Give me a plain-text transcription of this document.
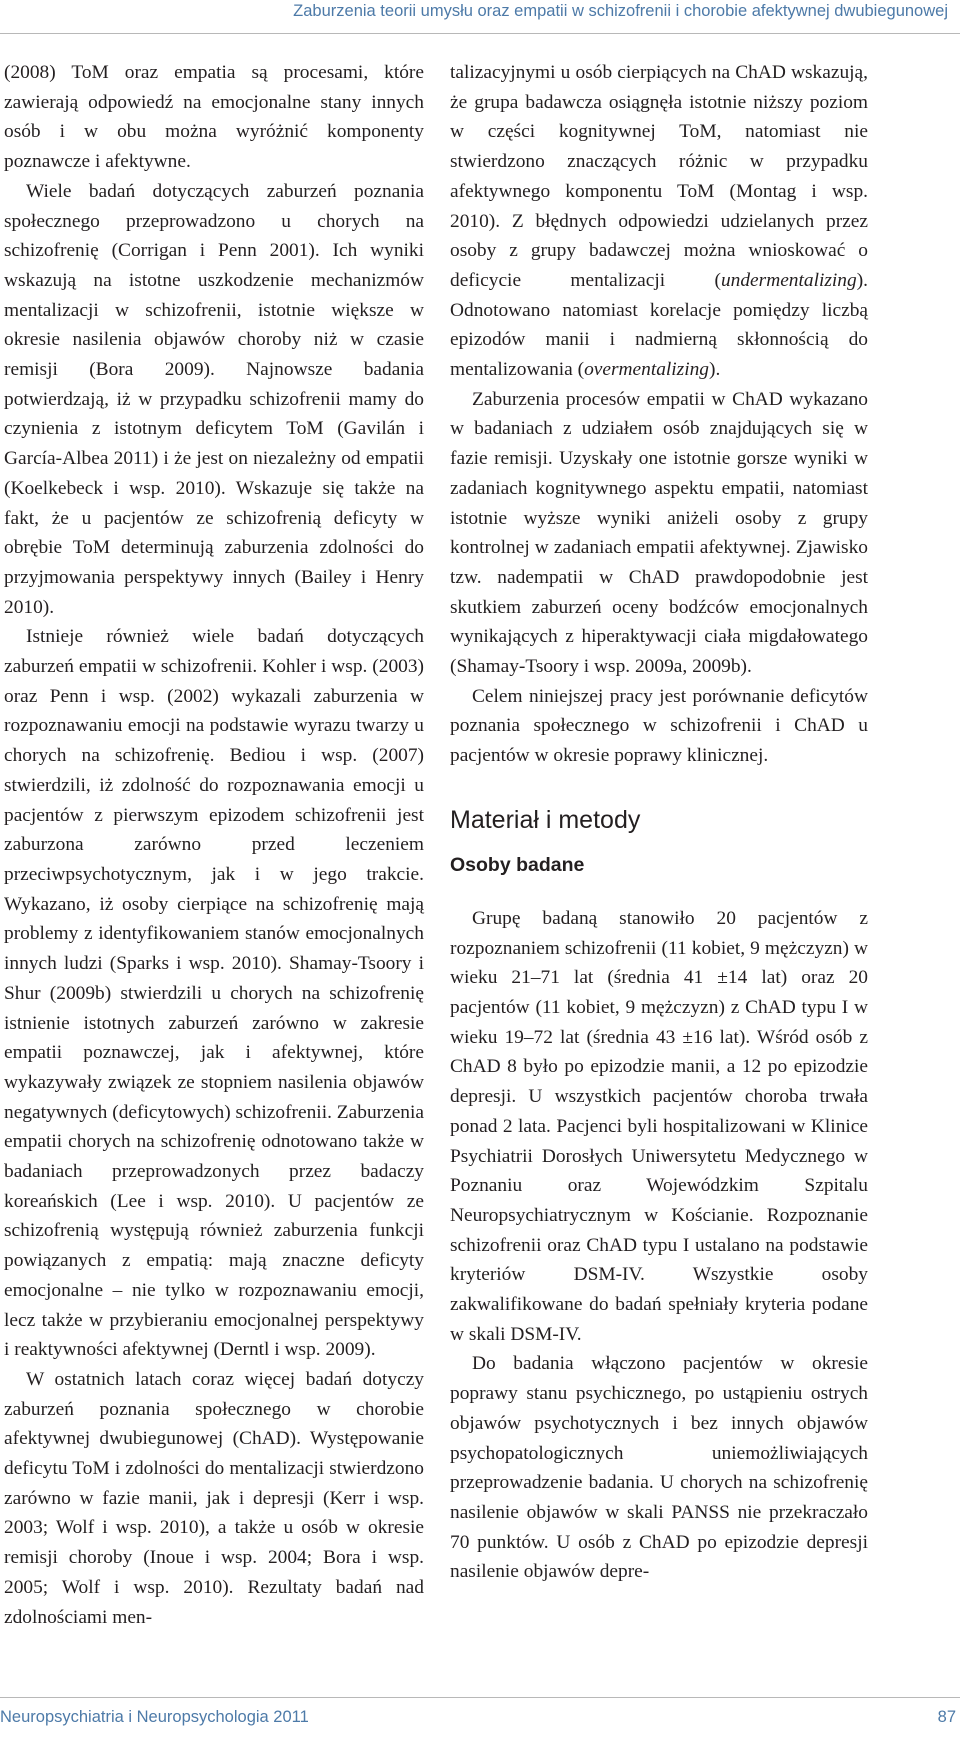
Zaburzenia teorii umysłu oraz empatii w schizofrenii i chorobie afektywnej dwubiegunowej

(2008) ToM oraz empatia są procesami, które zawierają odpowiedź na emocjonalne stany innych osób i w obu można wyróżnić komponenty poznawcze i afektywne.

Wiele badań dotyczących zaburzeń poznania społecznego przeprowadzono u chorych na schizofrenię (Corrigan i Penn 2001). Ich wyniki wskazują na istotne uszkodzenie mechanizmów mentalizacji w schizofrenii, istotnie większe w okresie nasilenia objawów choroby niż w czasie remisji (Bora 2009). Najnowsze badania potwierdzają, iż w przypadku schizofrenii mamy do czynienia z istotnym deficytem ToM (Gavilán i García-Albea 2011) i że jest on niezależny od empatii (Koelkebeck i wsp. 2010). Wskazuje się także na fakt, że u pacjentów ze schizofrenią deficyty w obrębie ToM determinują zaburzenia zdolności do przyjmowania perspektywy innych (Bailey i Henry 2010).

Istnieje również wiele badań dotyczących zaburzeń empatii w schizofrenii. Kohler i wsp. (2003) oraz Penn i wsp. (2002) wykazali zaburzenia w rozpoznawaniu emocji na podstawie wyrazu twarzy u chorych na schizofrenię. Bediou i wsp. (2007) stwierdzili, iż zdolność do rozpoznawania emocji u pacjentów z pierwszym epizodem schizofrenii jest zaburzona zarówno przed leczeniem przeciwpsychotycznym, jak i w jego trakcie. Wykazano, iż osoby cierpiące na schizofrenię mają problemy z identyfikowaniem stanów emocjonalnych innych ludzi (Sparks i wsp. 2010). Shamay-Tsoory i Shur (2009b) stwierdzili u chorych na schizofrenię istnienie istotnych zaburzeń zarówno w zakresie empatii poznawczej, jak i afektywnej, które wykazywały związek ze stopniem nasilenia objawów negatywnych (deficytowych) schizofrenii. Zaburzenia empatii chorych na schizofrenię odnotowano także w badaniach przeprowadzonych przez badaczy koreańskich (Lee i wsp. 2010). U pacjentów ze schizofrenią występują również zaburzenia funkcji powiązanych z empatią: mają znaczne deficyty emocjonalne – nie tylko w rozpoznawaniu emocji, lecz także w przybieraniu emocjonalnej perspektywy i reaktywności afektywnej (Derntl i wsp. 2009).

W ostatnich latach coraz więcej badań dotyczy zaburzeń poznania społecznego w chorobie afektywnej dwubiegunowej (ChAD). Występowanie deficytu ToM i zdolności do mentalizacji stwierdzono zarówno w fazie manii, jak i depresji (Kerr i wsp. 2003; Wolf i wsp. 2010), a także u osób w okresie remisji choroby (Inoue i wsp. 2004; Bora i wsp. 2005; Wolf i wsp. 2010). Rezultaty badań nad zdolnościami men-

talizacyjnymi u osób cierpiących na ChAD wskazują, że grupa badawcza osiągnęła istotnie niższy poziom w części kognitywnej ToM, natomiast nie stwierdzono znaczących różnic w przypadku afektywnego komponentu ToM (Montag i wsp. 2010). Z błędnych odpowiedzi udzielanych przez osoby z grupy badawczej można wnioskować o deficycie mentalizacji (undermentalizing). Odnotowano natomiast korelacje pomiędzy liczbą epizodów manii i nadmierną skłonnością do mentalizowania (overmentalizing).

Zaburzenia procesów empatii w ChAD wykazano w badaniach z udziałem osób znajdujących się w fazie remisji. Uzyskały one istotnie gorsze wyniki w zadaniach kognitywnego aspektu empatii, natomiast istotnie wyższe wyniki aniżeli osoby z grupy kontrolnej w zadaniach empatii afektywnej. Zjawisko tzw. nadempatii w ChAD prawdopodobnie jest skutkiem zaburzeń oceny bodźców emocjonalnych wynikających z hiperaktywacji ciała migdałowatego (Shamay-Tsoory i wsp. 2009a, 2009b).

Celem niniejszej pracy jest porównanie deficytów poznania społecznego w schizofrenii i ChAD u pacjentów w okresie poprawy klinicznej.

Materiał i metody
Osoby badane

Grupę badaną stanowiło 20 pacjentów z rozpoznaniem schizofrenii (11 kobiet, 9 mężczyzn) w wieku 21–71 lat (średnia 41 ±14 lat) oraz 20 pacjentów (11 kobiet, 9 mężczyzn) z ChAD typu I w wieku 19–72 lat (średnia 43 ±16 lat). Wśród osób z ChAD 8 było po epizodzie manii, a 12 po epizodzie depresji. U wszystkich pacjentów choroba trwała ponad 2 lata. Pacjenci byli hospitalizowani w Klinice Psychiatrii Dorosłych Uniwersytetu Medycznego w Poznaniu oraz Wojewódzkim Szpitalu Neuropsychiatrycznym w Kościanie. Rozpoznanie schizofrenii oraz ChAD typu I ustalano na podstawie kryteriów DSM-IV. Wszystkie osoby zakwalifikowane do badań spełniały kryteria podane w skali DSM-IV.

Do badania włączono pacjentów w okresie poprawy stanu psychicznego, po ustąpieniu ostrych objawów psychotycznych i bez innych objawów psychopatologicznych uniemożliwiających przeprowadzenie badania. U chorych na schizofrenię nasilenie objawów w skali PANSS nie przekraczało 70 punktów. U osób z ChAD po epizodzie depresji nasilenie objawów depre-

Neuropsychiatria i Neuropsychologia 2011	87
